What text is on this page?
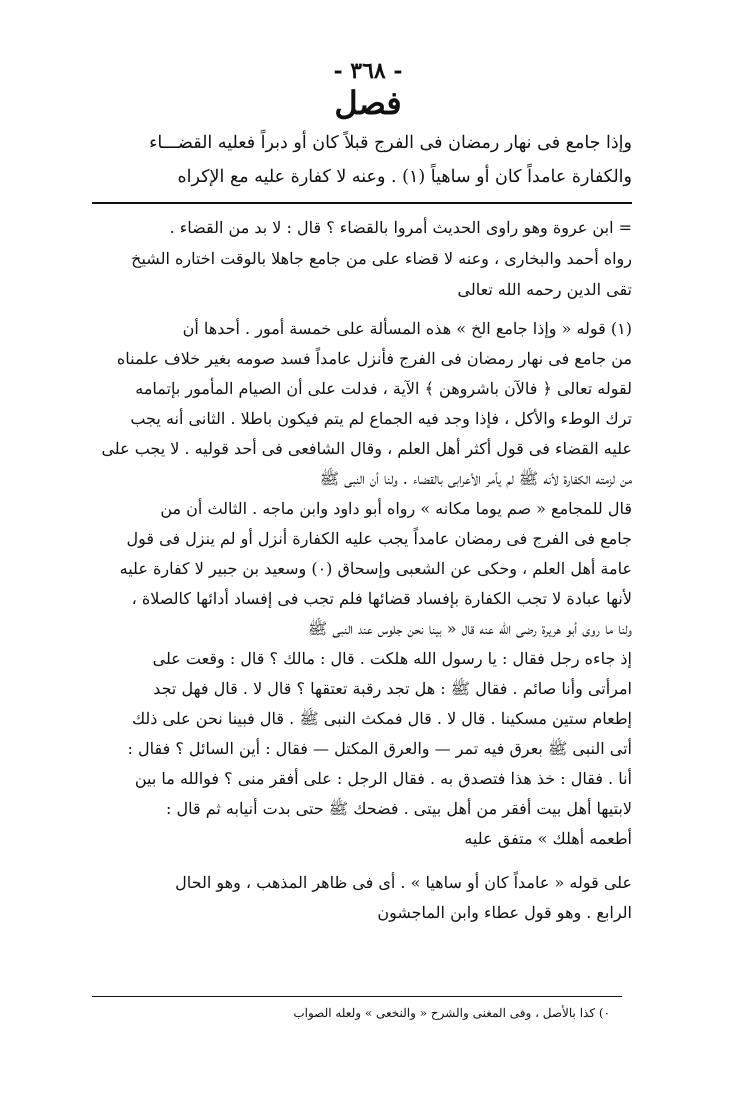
- ٣٦٨ -
فصل
وإذا جامع فى نهار رمضان فى الفرج قبلاً كان أو دبراً فعليه القضـــاء
والكفارة عامداً كان أو ساهياً (١) . وعنه لا كفارة عليه مع الإكراه
= ابن عروة وهو راوى الحديث أمروا بالقضاء ؟ قال : لا بد من القضاء .
رواه أحمد والبخارى ، وعنه لا قضاء على من جامع جاهلا بالوقت اختاره الشيخ
تقى الدين رحمه الله تعالى
(١) قوله « وإذا جامع الخ » هذه المسألة على خمسة أمور . أحدها أن
من جامع فى نهار رمضان فى الفرج فأنزل عامداً فسد صومه بغير خلاف علمناه
لقوله تعالى ﴿ فالآن باشروهن ﴾ الآية ، فدلت على أن الصيام المأمور بإتمامه
ترك الوطء والأكل ، فإذا وجد فيه الجماع لم يتم فيكون باطلا . الثانى أنه يجب
عليه القضاء فى قول أكثر أهل العلم ، وقال الشافعى فى أحد قوليه . لا يجب على
من لزمته الكفارة لأنه ﷺ لم يأمر الأعرابى بالقضاء . ولنا أن النبى ﷺ
قال للمجامع « صم يوما مكانه » رواه أبو داود وابن ماجه . الثالث أن من
جامع فى الفرج فى رمضان عامداً يجب عليه الكفارة أنزل أو لم ينزل فى قول
عامة أهل العلم ، وحكى عن الشعبى وإسحاق (٠) وسعيد بن جبير لا كفارة عليه
لأنها عبادة لا تجب الكفارة بإفساد قضائها فلم تجب فى إفساد أدائها كالصلاة ،
ولنا ما روى أبو هريرة رضى الله عنه قال « بينا نحن جلوس عند النبى ﷺ
إذ جاءه رجل فقال : يا رسول الله هلكت . قال : مالك ؟ قال : وقعت على
امرأتى وأنا صائم . فقال ﷺ : هل تجد رقبة تعتقها ؟ قال لا . قال فهل تجد
إطعام ستين مسكينا . قال لا . قال فمكث النبى ﷺ . قال فبينا نحن على ذلك
أتى النبى ﷺ بعرق فيه تمر — والعرق المكتل — فقال : أين السائل ؟ فقال :
أنا . فقال : خذ هذا فتصدق به . فقال الرجل : على أفقر منى ؟ فوالله ما بين
لابتيها أهل بيت أفقر من أهل بيتى . فضحك ﷺ حتى بدت أنيابه ثم قال :
أطعمه أهلك » متفق عليه
على قوله « عامداً كان أو ساهيا » . أى فى ظاهر المذهب ، وهو الحال
الرابع . وهو قول عطاء وابن الماجشون
٠) كذا بالأصل ، وفى المغنى والشرح « والنخعى » ولعله الصواب
